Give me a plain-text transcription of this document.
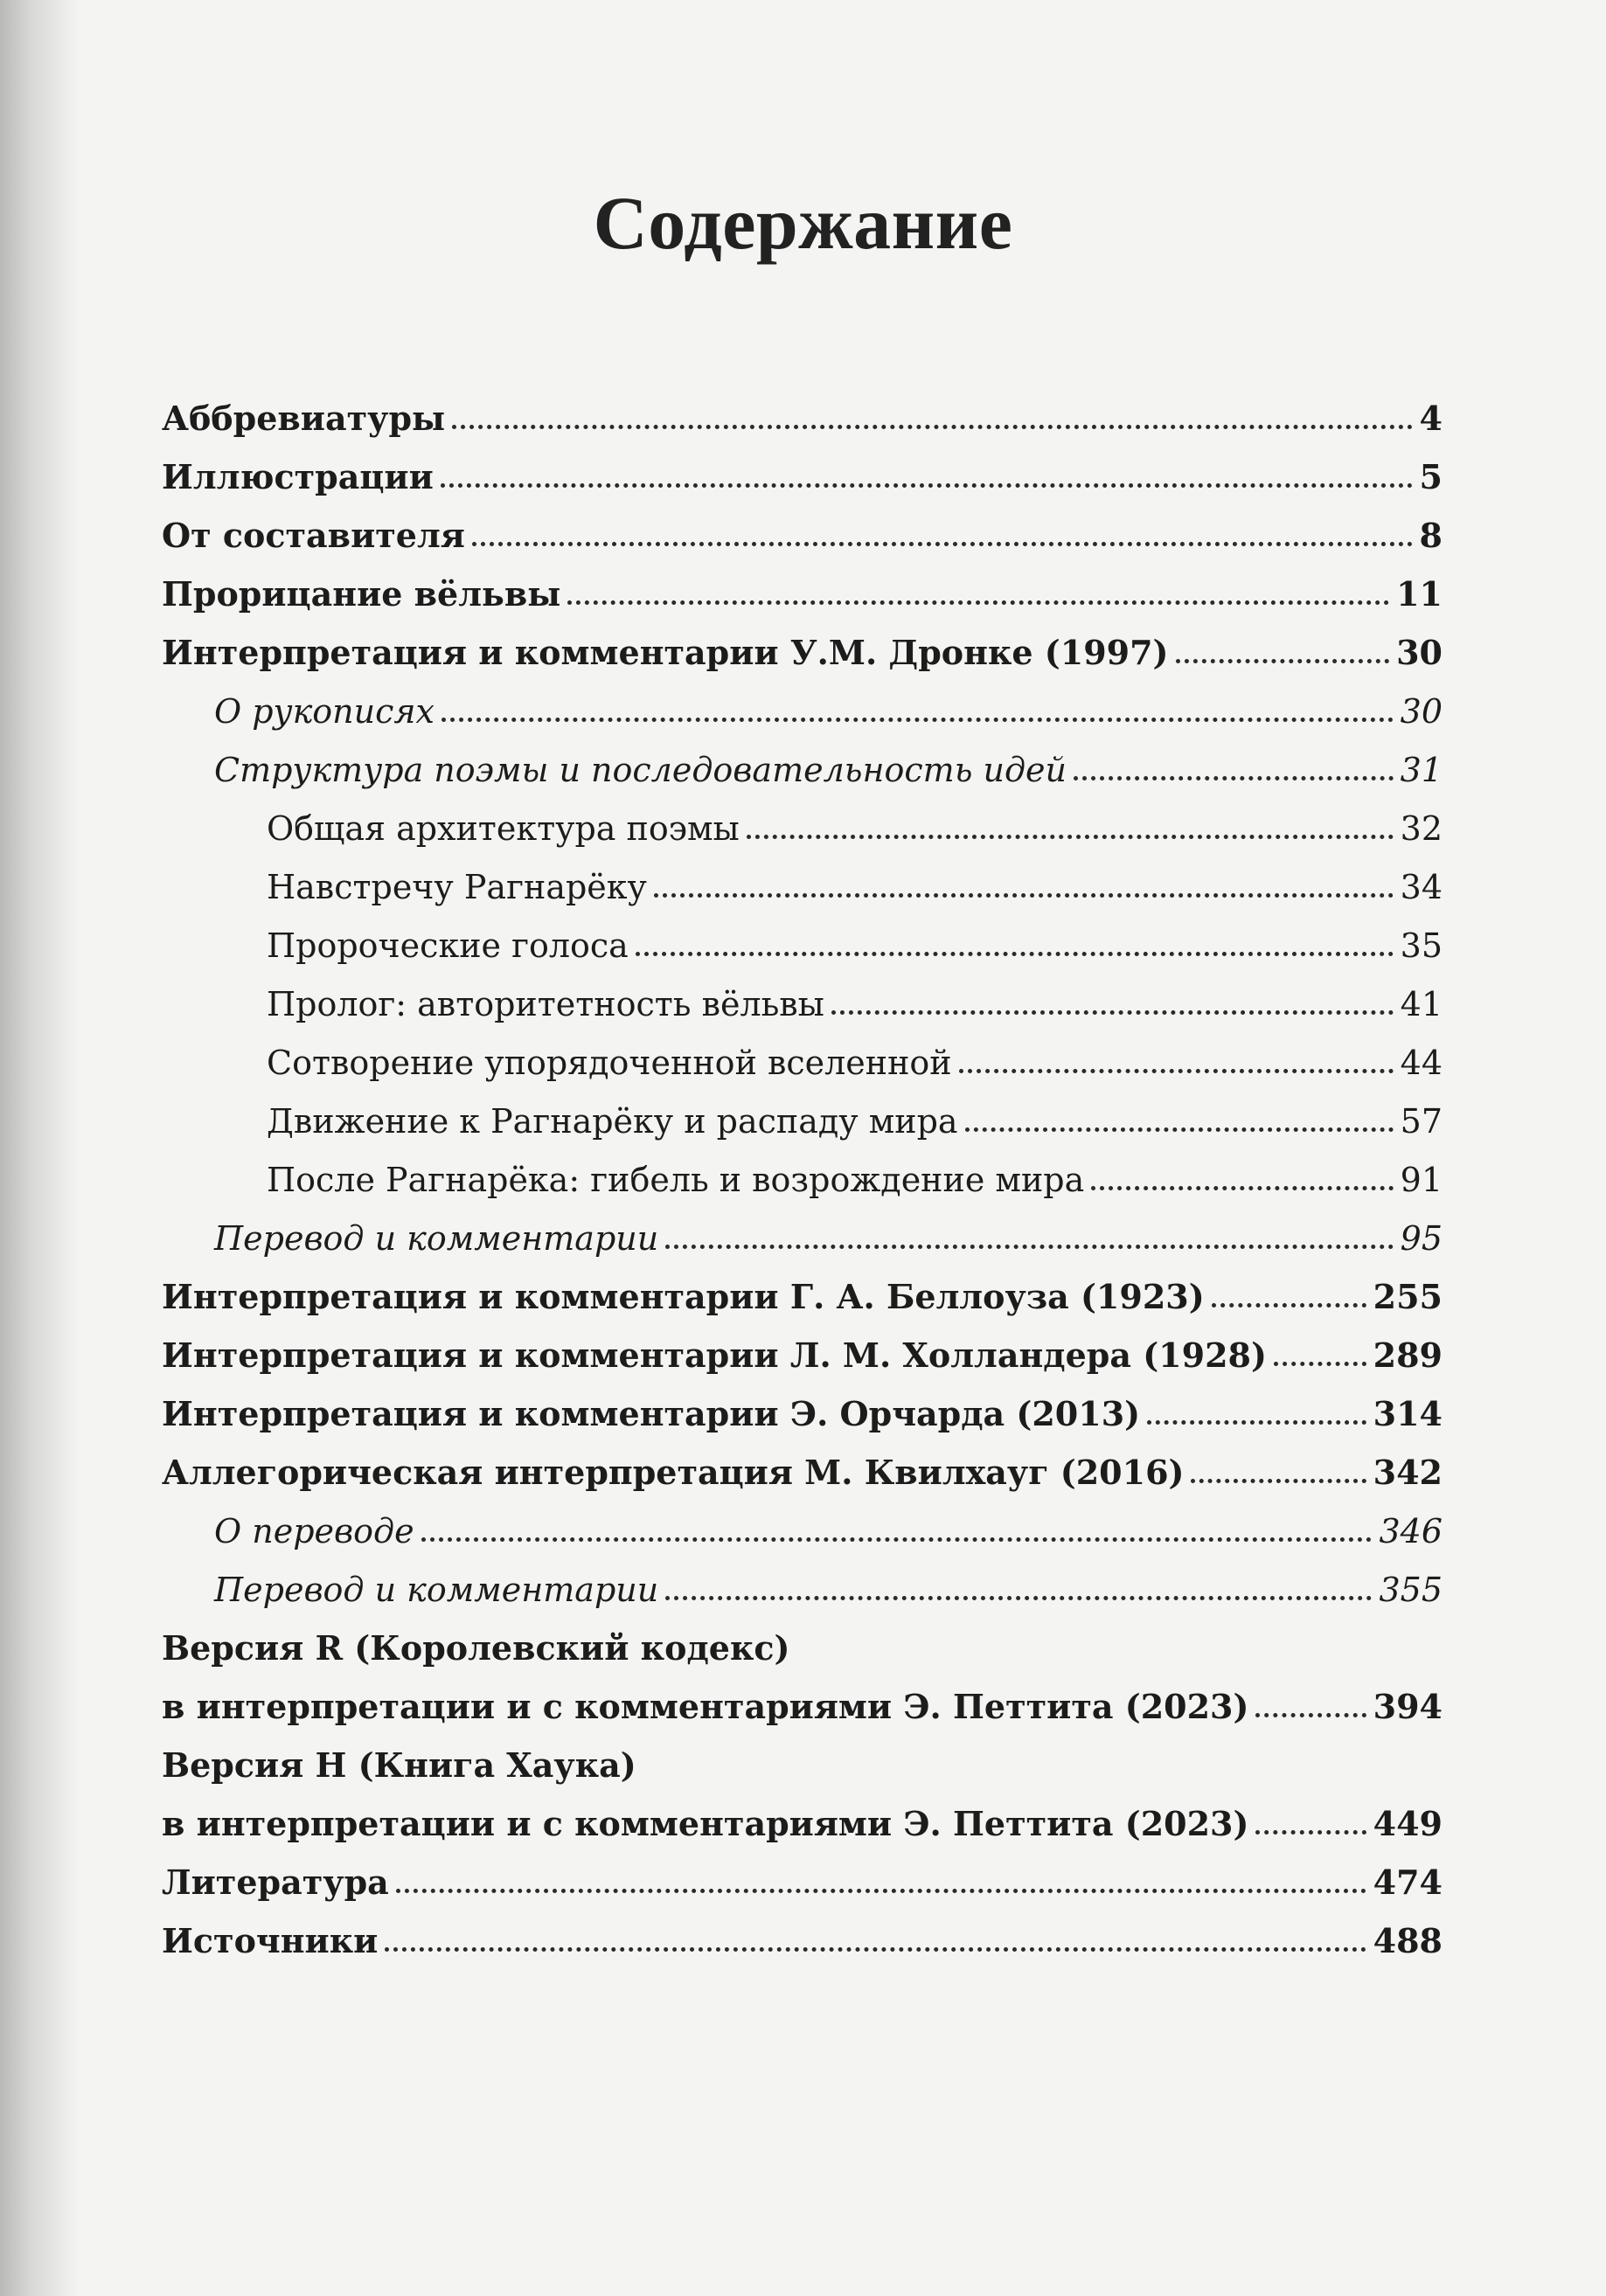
Содержание
Аббревиатуры	4
Иллюстрации	5
От составителя	8
Прорицание вёльвы	11
Интерпретация и комментарии У.М. Дронке (1997)	30
О рукописях	30
Структура поэмы и последовательность идей	31
Общая архитектура поэмы	32
Навстречу Рагнарёку	34
Пророческие голоса	35
Пролог: авторитетность вёльвы	41
Сотворение упорядоченной вселенной	44
Движение к Рагнарёку и распаду мира	57
После Рагнарёка: гибель и возрождение мира	91
Перевод и комментарии	95
Интерпретация и комментарии Г. А. Беллоуза (1923)	255
Интерпретация и комментарии Л. М. Холландера (1928)	289
Интерпретация и комментарии Э. Орчарда (2013)	314
Аллегорическая интерпретация М. Квилхауг (2016)	342
О переводе	346
Перевод и комментарии	355
Версия R (Королевский кодекс)
в интерпретации и с комментариями Э. Петтита (2023)	394
Версия H (Книга Хаука)
в интерпретации и с комментариями Э. Петтита (2023)	449
Литература	474
Источники	488
